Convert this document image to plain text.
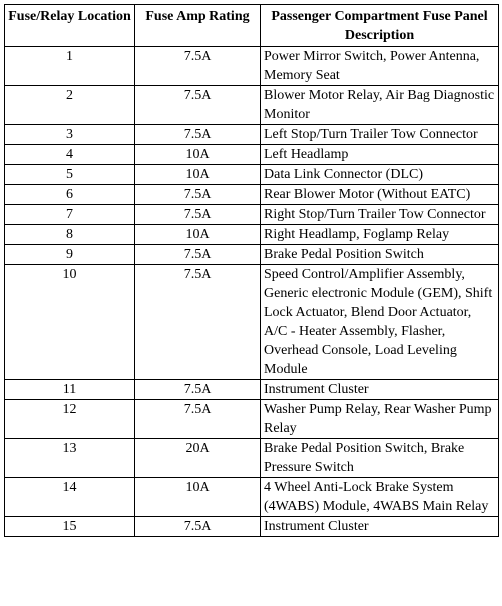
Fuse/Relay Location	Fuse Amp Rating	Passenger Compartment Fuse Panel Description
1	7.5A	Power Mirror Switch, Power Antenna, Memory Seat
2	7.5A	Blower Motor Relay, Air Bag Diagnostic Monitor
3	7.5A	Left Stop/Turn Trailer Tow Connector
4	10A	Left Headlamp
5	10A	Data Link Connector (DLC)
6	7.5A	Rear Blower Motor (Without EATC)
7	7.5A	Right Stop/Turn Trailer Tow Connector
8	10A	Right Headlamp, Foglamp Relay
9	7.5A	Brake Pedal Position Switch
10	7.5A	Speed Control/Amplifier Assembly, Generic electronic Module (GEM), Shift Lock Actuator, Blend Door Actuator, A/C - Heater Assembly, Flasher, Overhead Console, Load Leveling Module
11	7.5A	Instrument Cluster
12	7.5A	Washer Pump Relay, Rear Washer Pump Relay
13	20A	Brake Pedal Position Switch, Brake Pressure Switch
14	10A	4 Wheel Anti-Lock Brake System (4WABS) Module, 4WABS Main Relay
15	7.5A	Instrument Cluster
